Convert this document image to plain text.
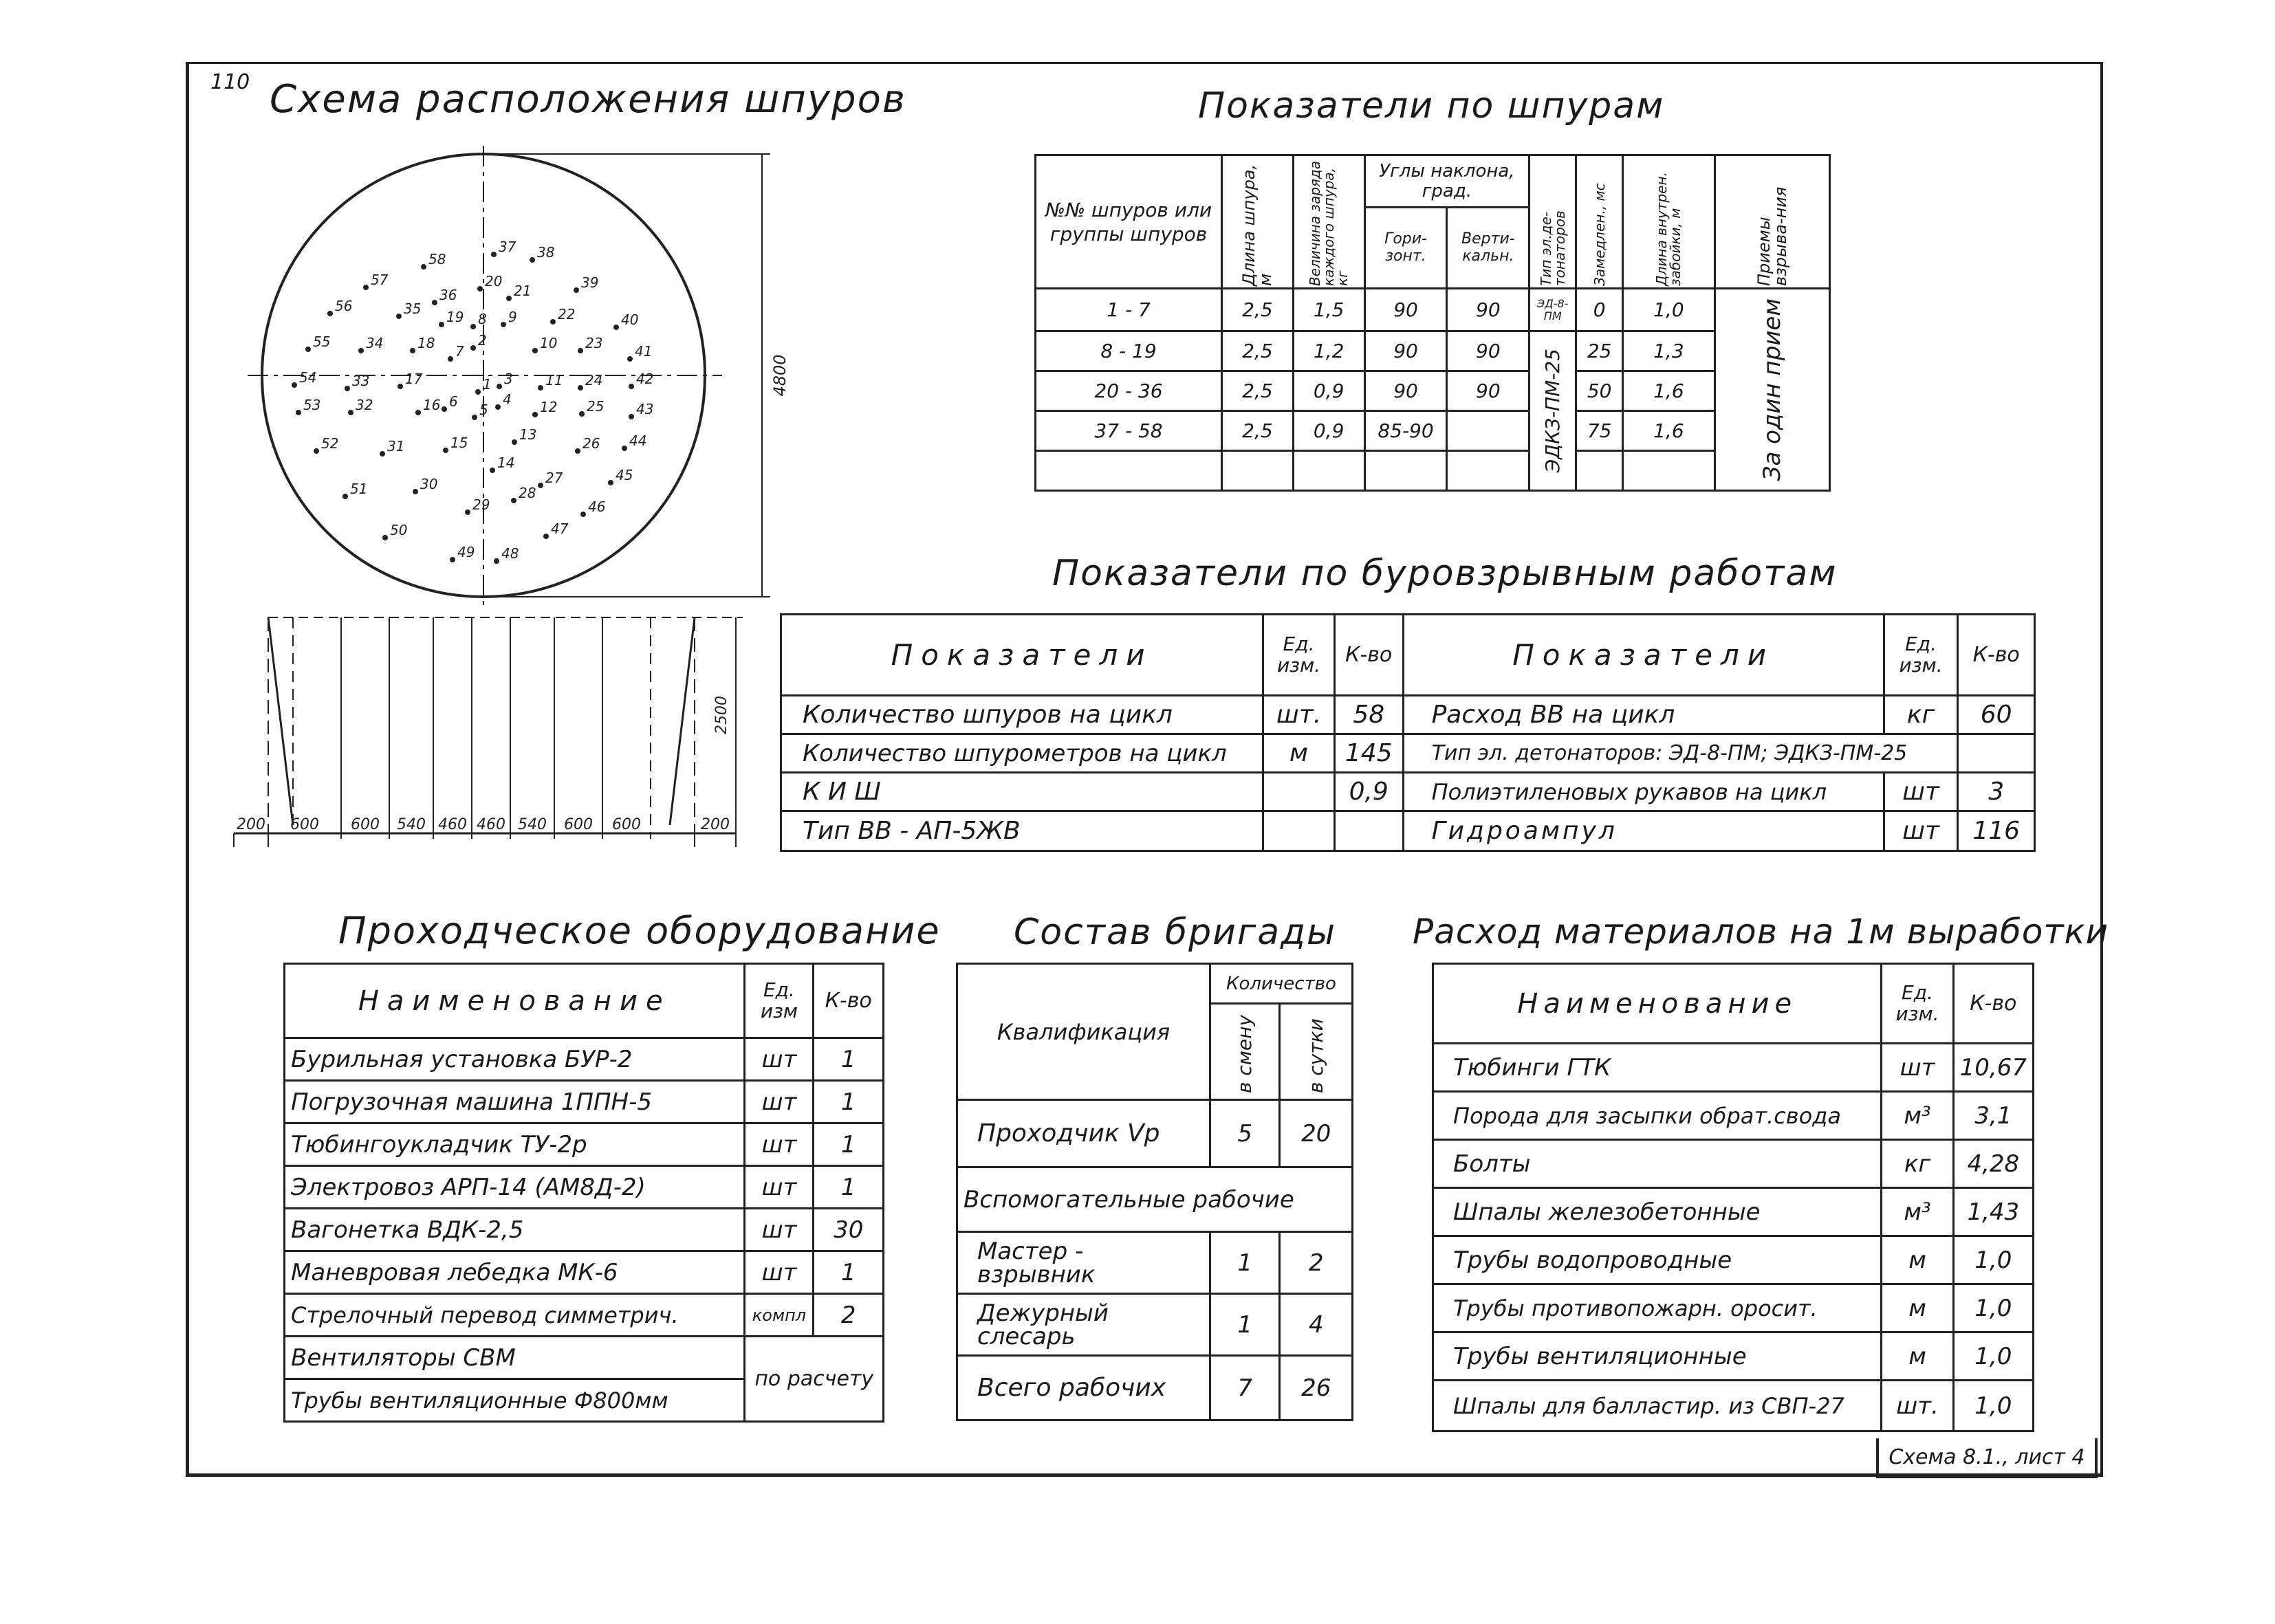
110 Схема расположения шпуров
4800
1
2
3
4
5
6
7
8 9
10
11
12
13
14
15
16
17
18
19
20
21
22
23
24
25
26
27
28
29
30
31
32
33
34
35
36
37 38
39
40
41
42
43
44
45
46
47
48
49
50
51
52
53
54
55
56
57
58
2500
200 600 600 540 460 460 540 600 600	200
Показатели по шпурам
№№ шпуров или группы шпуров	Длина шпура, м	Величина заряда каждого шпура, кг	Углы наклона, град.		Тип эл.де-тонаторов	Замедлен., мс	Длина внутрен. забойки, м	Приемы взрыва-ния

			Гори-зонт.	Верти-кальн.				
1 - 7	2,5	1,5	90	90	ЭД-8-ПМ	0	1,0	За один прием

8 - 19	2,5	1,2	90	90	ЭДКЗ-ПМ-25	25	1,3	
20 - 36	2,5	0,9	90	90		50	1,6	
37 - 58	2,5	0,9	85-90			75	1,6	

Показатели по буровзрывным работам
Показатели	Ед. изм.	К-во	Показатели	Ед. изм.	К-во
Количество шпуров на цикл	шт.	58	Расход ВВ на цикл	кг	60
Количество шпурометров на цикл	м	145	Тип эл. детонаторов: ЭД-8-ПМ; ЭДКЗ-ПМ-25		
К И Ш		0,9	Полиэтиленовых рукавов на цикл	шт	3
Тип ВВ - АП-5ЖВ			Гидроампул	шт	116
Проходческое оборудование
Наименование	Ед. изм	К-во
Бурильная установка БУР-2	шт	1
Погрузочная машина 1ППН-5	шт	1
Тюбингоукладчик ТУ-2р	шт	1
Электровоз АРП-14 (АМ8Д-2)	шт	1
Вагонетка ВДК-2,5	шт	30
Маневровая лебедка МК-6	шт	1
Стрелочный перевод симметрич.	компл	2
Вентиляторы СВМ	по расчету	
Трубы вентиляционные Ф800мм		
Состав бригады
Квалификация	Количество	

	в смену	в сутки

Проходчик Vр	5	20
Вспомогательные рабочие		
Мастер - взрывник	1	2
Дежурный слесарь	1	4
Всего рабочих	7	26
Расход материалов на 1м выработки
Наименование	Ед. изм.	К-во
Тюбинги ГТК	шт	10,67
Порода для засыпки обрат.свода	м³	3,1
Болты	кг	4,28
Шпалы железобетонные	м³	1,43
Трубы водопроводные	м	1,0
Трубы противопожарн. оросит.	м	1,0
Трубы вентиляционные	м	1,0
Шпалы для балластир. из СВП-27	шт.	1,0
Схема 8.1., лист 4
